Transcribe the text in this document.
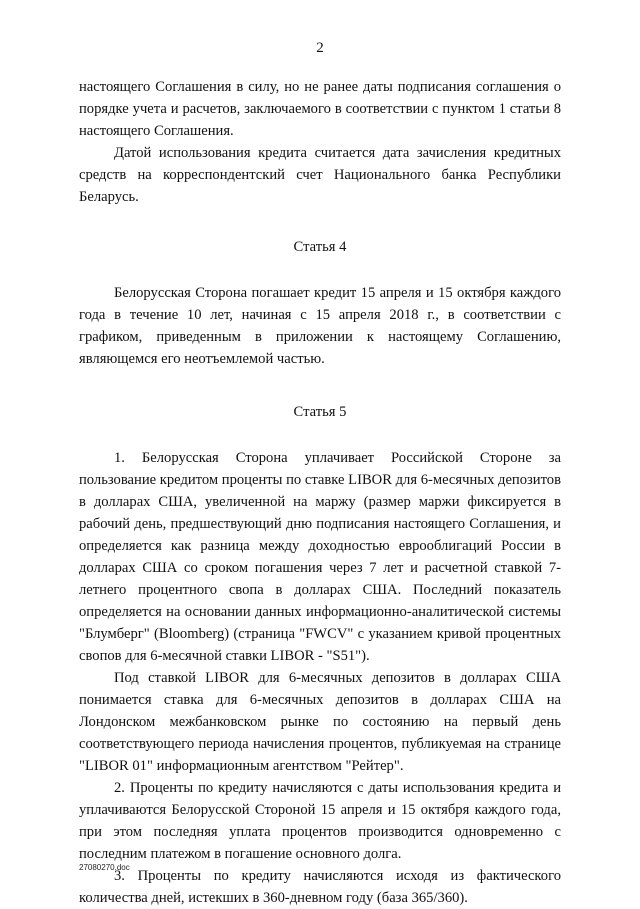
2

настоящего Соглашения в силу, но не ранее даты подписания соглашения о порядке учета и расчетов, заключаемого в соответствии с пунктом 1 статьи 8 настоящего Соглашения.

Датой использования кредита считается дата зачисления кредитных средств на корреспондентский счет Национального банка Республики Беларусь.

Статья 4

Белорусская Сторона погашает кредит 15 апреля и 15 октября каждого года в течение 10 лет, начиная с 15 апреля 2018 г., в соответствии с графиком, приведенным в приложении к настоящему Соглашению, являющемся его неотъемлемой частью.

Статья 5

1. Белорусская Сторона уплачивает Российской Стороне за пользование кредитом проценты по ставке LIBOR для 6-месячных депозитов в долларах США, увеличенной на маржу (размер маржи фиксируется в рабочий день, предшествующий дню подписания настоящего Соглашения, и определяется как разница между доходностью еврооблигаций России в долларах США со сроком погашения через 7 лет и расчетной ставкой 7-летнего процентного свопа в долларах США. Последний показатель определяется на основании данных информационно-аналитической системы "Блумберг" (Bloomberg) (страница "FWCV" с указанием кривой процентных свопов для 6-месячной ставки LIBOR - "S51").

Под ставкой LIBOR для 6-месячных депозитов в долларах США понимается ставка для 6-месячных депозитов в долларах США на Лондонском межбанковском рынке по состоянию на первый день соответствующего периода начисления процентов, публикуемая на странице "LIBOR 01" информационным агентством "Рейтер".

2. Проценты по кредиту начисляются с даты использования кредита и уплачиваются Белорусской Стороной 15 апреля и 15 октября каждого года, при этом последняя уплата процентов производится одновременно с последним платежом в погашение основного долга.

3. Проценты по кредиту начисляются исходя из фактического количества дней, истекших в 360-дневном году (база 365/360).

27080270.doc
